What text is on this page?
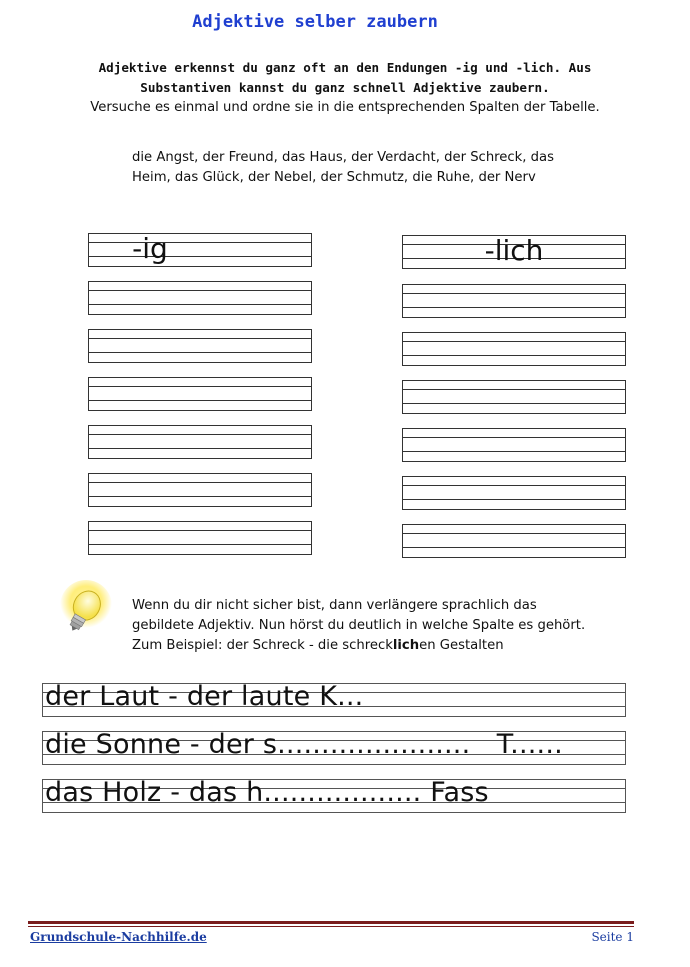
Adjektive selber zaubern
Adjektive erkennst du ganz oft an den Endungen -ig und -lich. Aus
Substantiven kannst du ganz schnell Adjektive zaubern.
Versuche es einmal und ordne sie in die entsprechenden Spalten der Tabelle.
die Angst, der Freund, das Haus, der Verdacht, der Schreck, das
Heim, das Glück, der Nebel, der Schmutz, die Ruhe, der Nerv
-ig	-lich
Wenn du dir nicht sicher bist, dann verlängere sprachlich das
gebildete Adjektiv. Nun hörst du deutlich in welche Spalte es gehört.
Zum Beispiel: der Schreck - die schrecklichen Gestalten
der Laut - der laute K...
die Sonne - der s......................   T......
das Holz - das h.................. Fass
Grundschule-Nachhilfe.de	Seite 1
